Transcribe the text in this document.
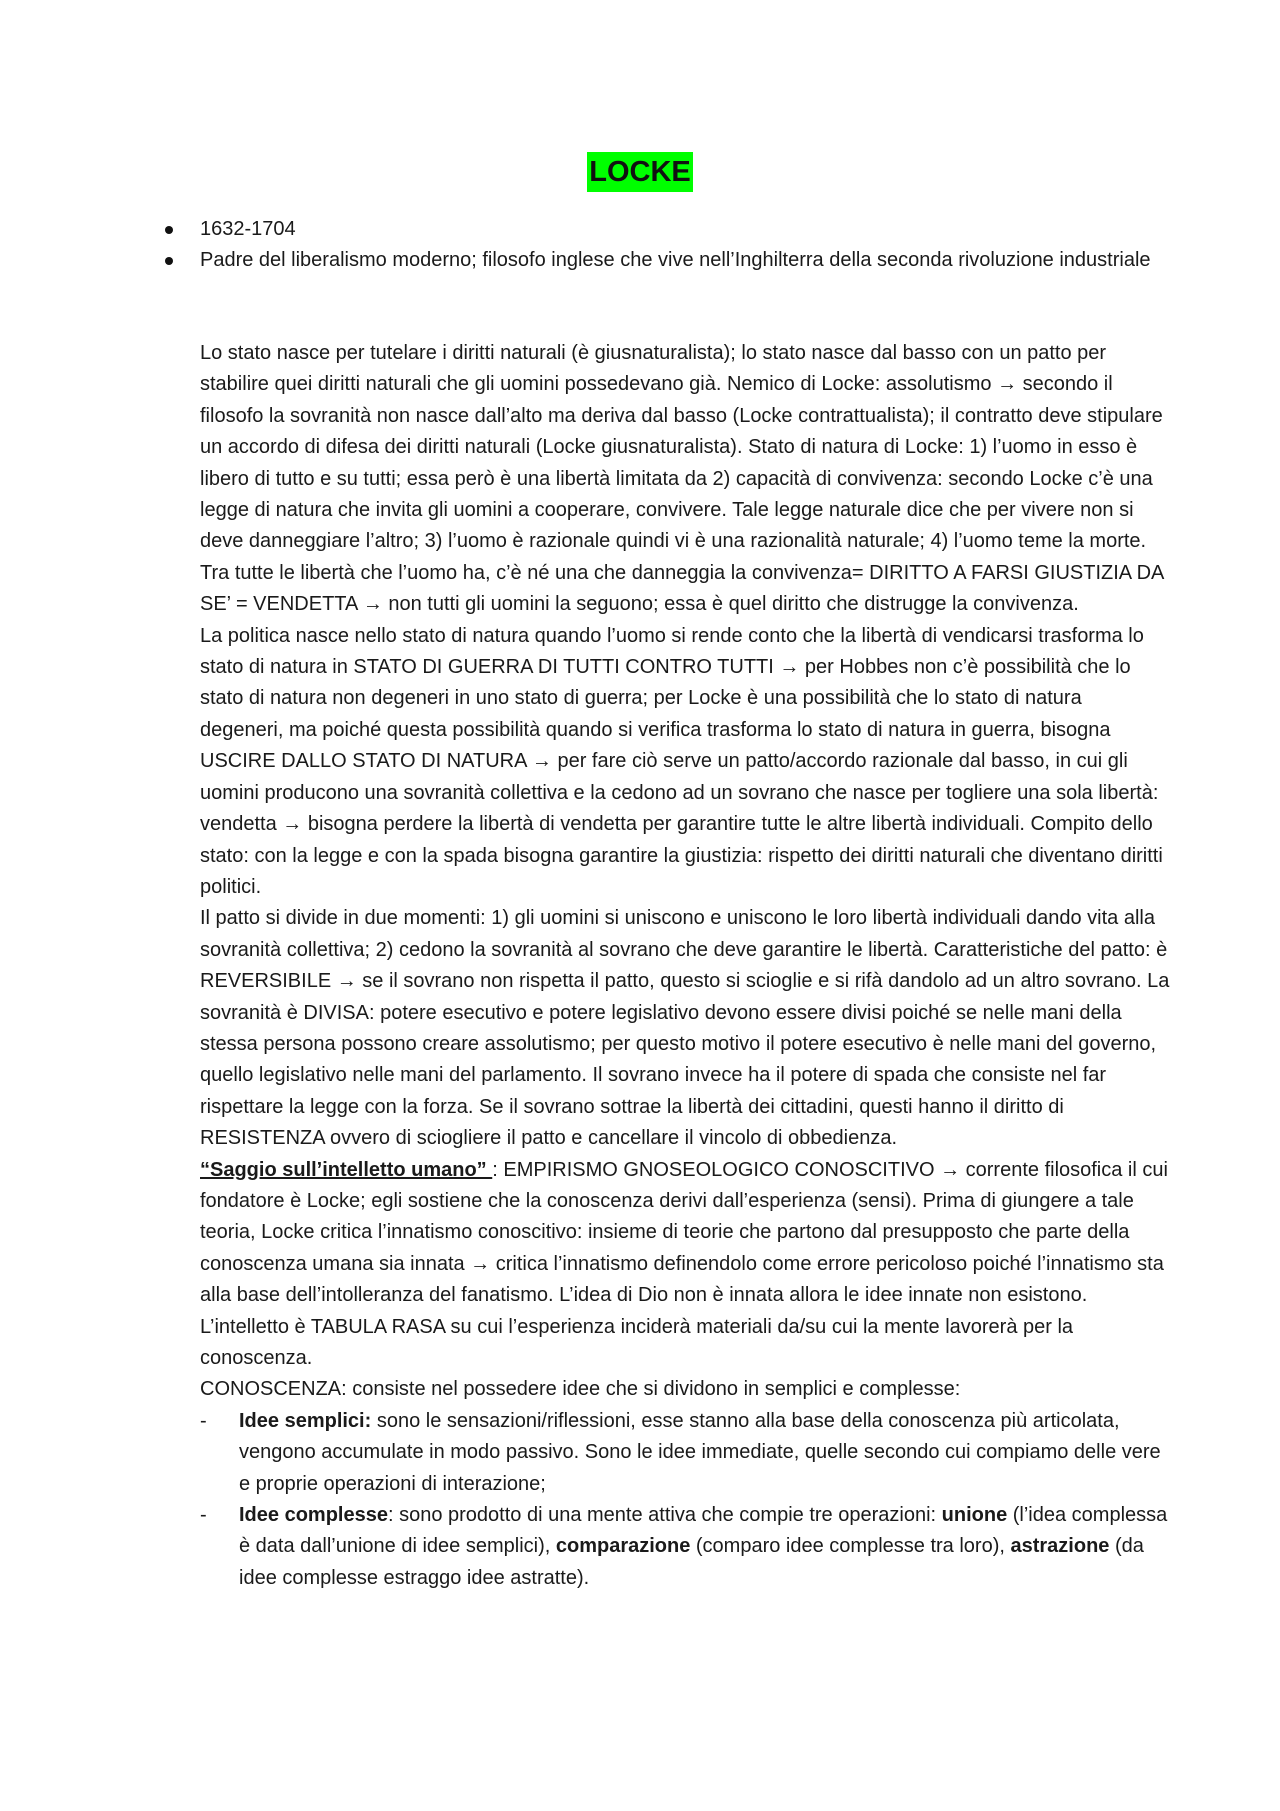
LOCKE
1632-1704
Padre del liberalismo moderno; filosofo inglese che vive nell’Inghilterra della seconda rivoluzione industriale

Lo stato nasce per tutelare i diritti naturali (è giusnaturalista); lo stato nasce dal basso con un patto per stabilire quei diritti naturali che gli uomini possedevano già. Nemico di Locke: assolutismo → secondo il filosofo la sovranità non nasce dall’alto ma deriva dal basso (Locke contrattualista); il contratto deve stipulare un accordo di difesa dei diritti naturali (Locke giusnaturalista). Stato di natura di Locke: 1) l’uomo in esso è libero di tutto e su tutti; essa però è una libertà limitata da 2) capacità di convivenza: secondo Locke c’è una legge di natura che invita gli uomini a cooperare, convivere. Tale legge naturale dice che per vivere non si deve danneggiare l’altro; 3) l’uomo è razionale quindi vi è una razionalità naturale; 4) l’uomo teme la morte. Tra tutte le libertà che l’uomo ha, c’è né una che danneggia la convivenza= DIRITTO A FARSI GIUSTIZIA DA SE’ = VENDETTA → non tutti gli uomini la seguono; essa è quel diritto che distrugge la convivenza.

La politica nasce nello stato di natura quando l’uomo si rende conto che la libertà di vendicarsi trasforma lo stato di natura in STATO DI GUERRA DI TUTTI CONTRO TUTTI → per Hobbes non c’è possibilità che lo stato di natura non degeneri in uno stato di guerra; per Locke è una possibilità che lo stato di natura degeneri, ma poiché questa possibilità quando si verifica trasforma lo stato di natura in guerra, bisogna USCIRE DALLO STATO DI NATURA → per fare ciò serve un patto/accordo razionale dal basso, in cui gli uomini producono una sovranità collettiva e la cedono ad un sovrano che nasce per togliere una sola libertà: vendetta → bisogna perdere la libertà di vendetta per garantire tutte le altre libertà individuali. Compito dello stato: con la legge e con la spada bisogna garantire la giustizia: rispetto dei diritti naturali che diventano diritti politici.

Il patto si divide in due momenti: 1) gli uomini si uniscono e uniscono le loro libertà individuali dando vita alla sovranità collettiva; 2) cedono la sovranità al sovrano che deve garantire le libertà. Caratteristiche del patto: è REVERSIBILE → se il sovrano non rispetta il patto, questo si scioglie e si rifà dandolo ad un altro sovrano. La sovranità è DIVISA: potere esecutivo e potere legislativo devono essere divisi poiché se nelle mani della stessa persona possono creare assolutismo; per questo motivo il potere esecutivo è nelle mani del governo, quello legislativo nelle mani del parlamento. Il sovrano invece ha il potere di spada che consiste nel far rispettare la legge con la forza. Se il sovrano sottrae la libertà dei cittadini, questi hanno il diritto di RESISTENZA ovvero di sciogliere il patto e cancellare il vincolo di obbedienza.

“Saggio sull’intelletto umano” : EMPIRISMO GNOSEOLOGICO CONOSCITIVO → corrente filosofica il cui fondatore è Locke; egli sostiene che la conoscenza derivi dall’esperienza (sensi). Prima di giungere a tale teoria, Locke critica l’innatismo conoscitivo: insieme di teorie che partono dal presupposto che parte della conoscenza umana sia innata → critica l’innatismo definendolo come errore pericoloso poiché l’innatismo sta alla base dell’intolleranza del fanatismo. L’idea di Dio non è innata allora le idee innate non esistono. L’intelletto è TABULA RASA su cui l’esperienza inciderà materiali da/su cui la mente lavorerà per la conoscenza.

CONOSCENZA: consiste nel possedere idee che si dividono in semplici e complesse:

- Idee semplici: sono le sensazioni/riflessioni, esse stanno alla base della conoscenza più articolata, vengono accumulate in modo passivo. Sono le idee immediate, quelle secondo cui compiamo delle vere e proprie operazioni di interazione;
- Idee complesse: sono prodotto di una mente attiva che compie tre operazioni: unione (l’idea complessa è data dall’unione di idee semplici), comparazione (comparo idee complesse tra loro), astrazione (da idee complesse estraggo idee astratte).
